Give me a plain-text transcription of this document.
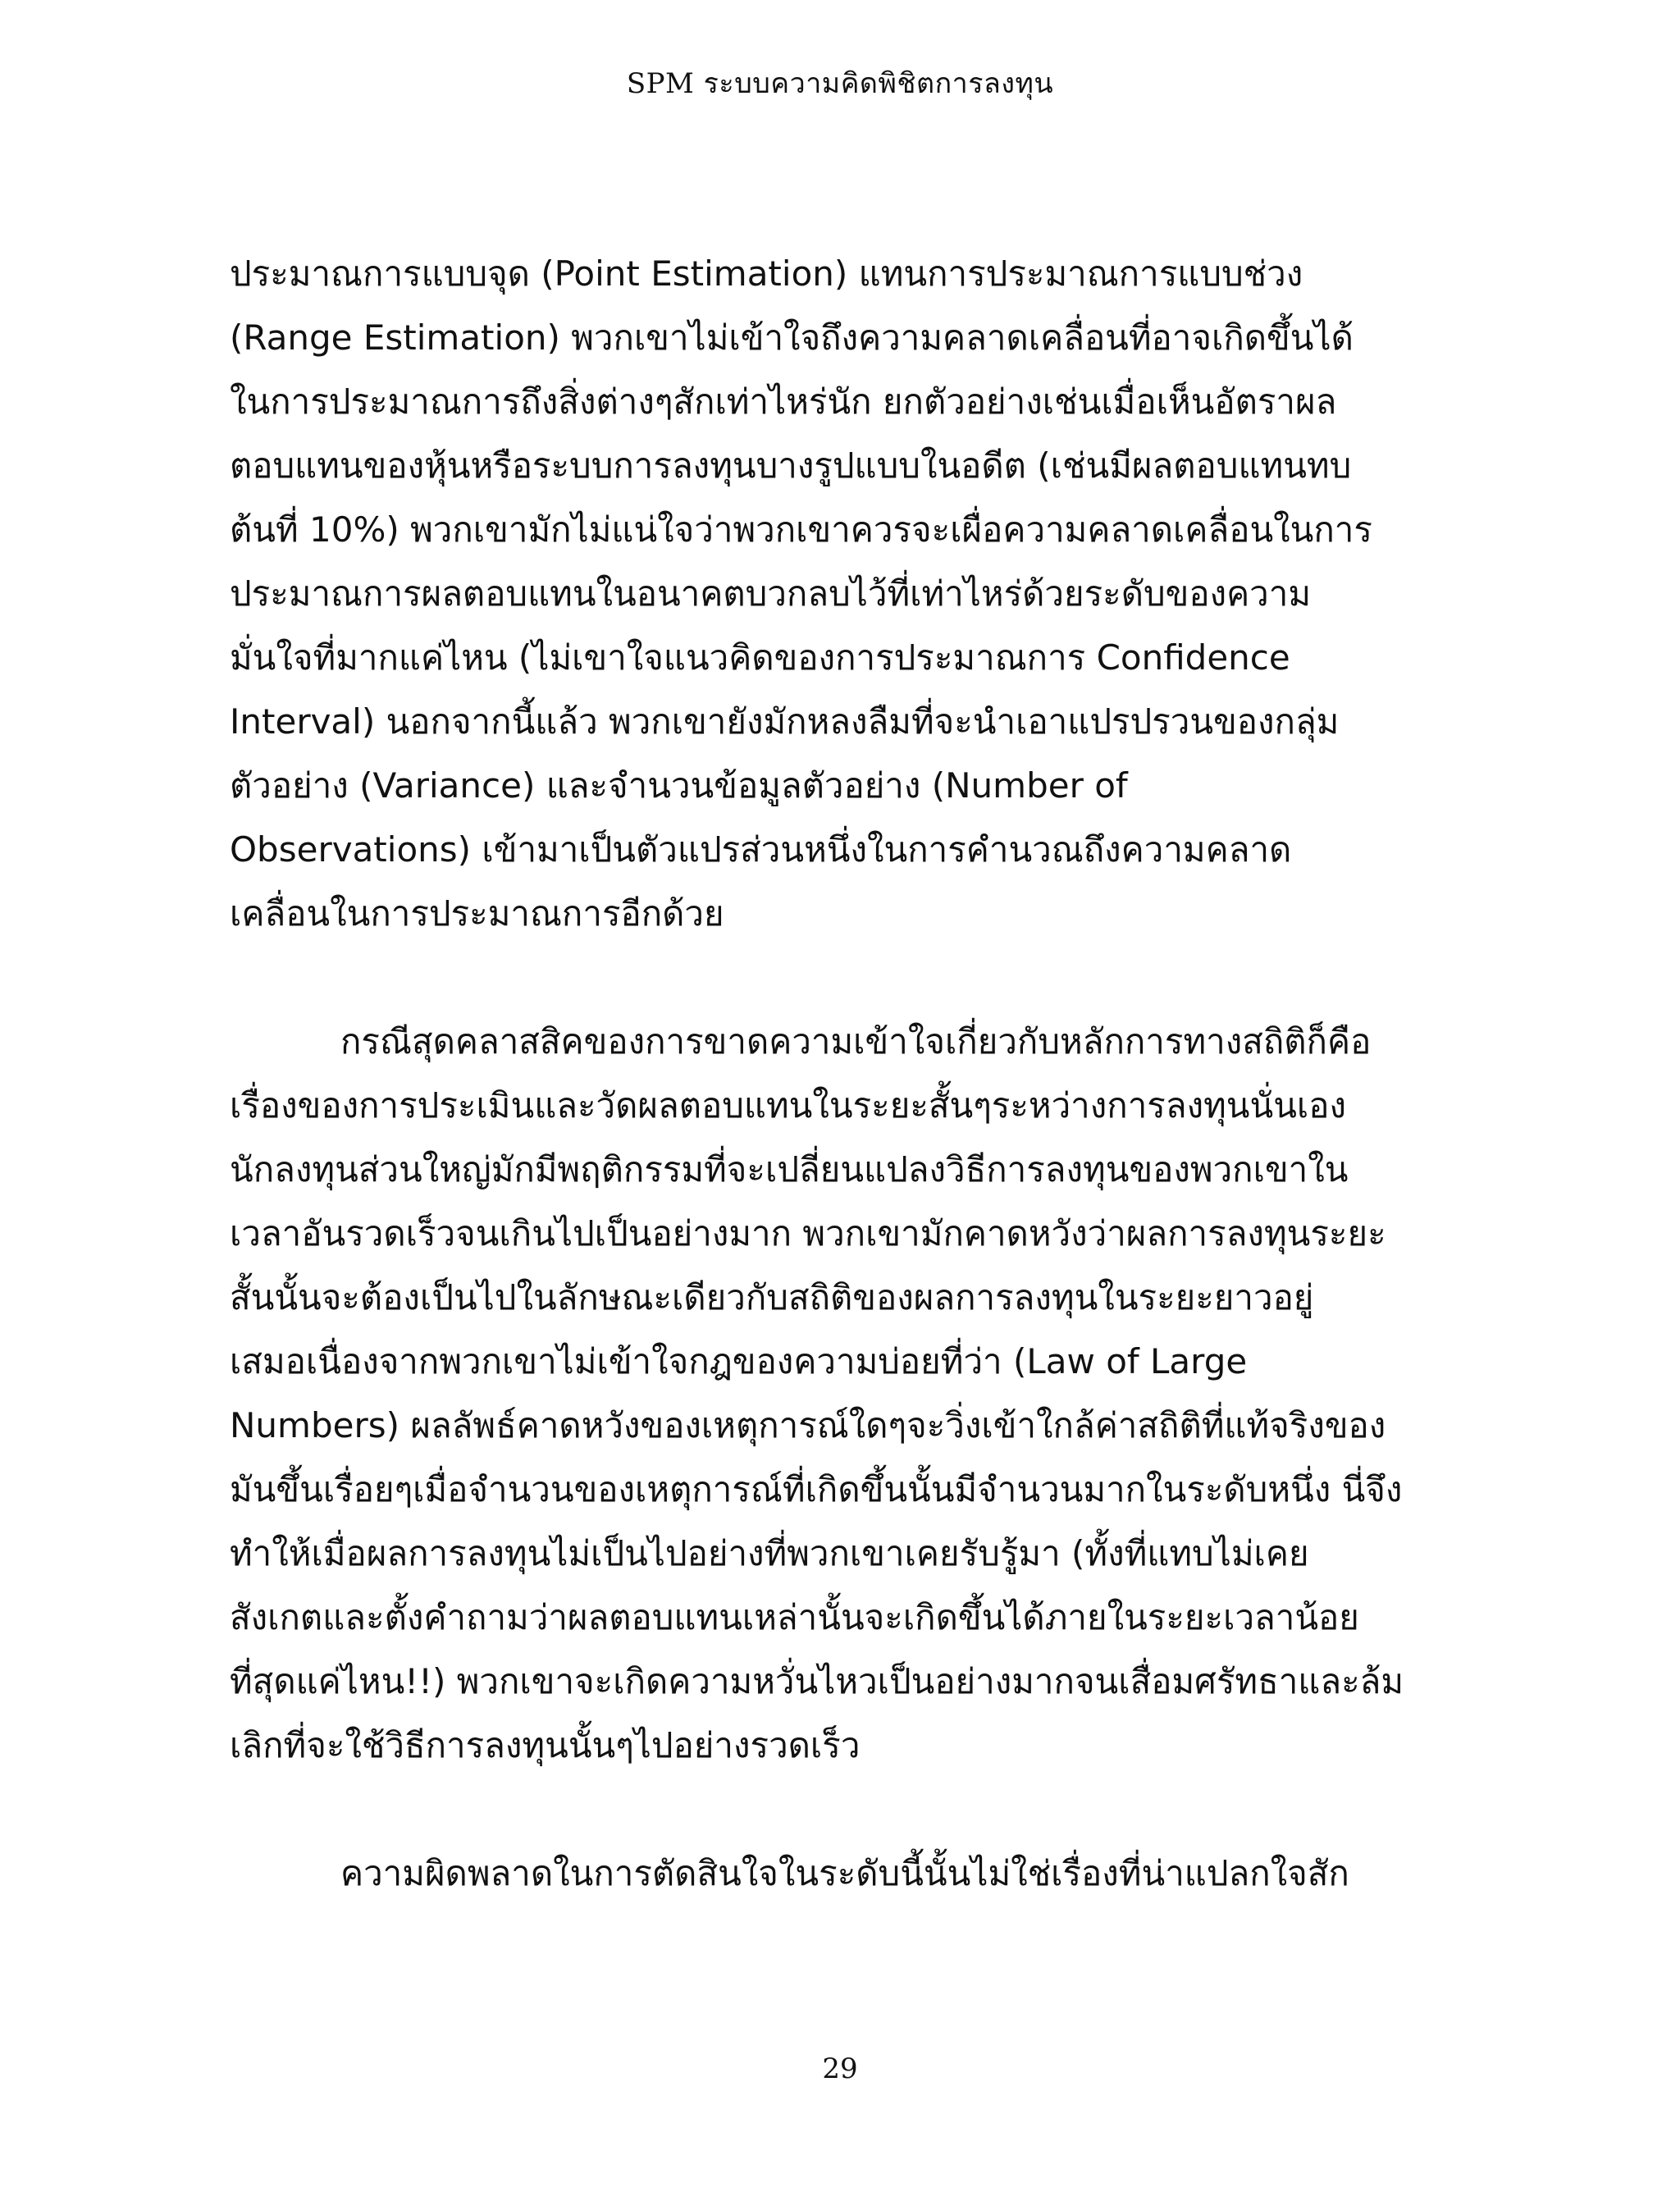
SPM ระบบความคิดพิชิตการลงทุน

ประมาณการแบบจุด (Point Estimation) แทนการประมาณการแบบช่วง
(Range Estimation) พวกเขาไม่เข้าใจถึงความคลาดเคลื่อนที่อาจเกิดขึ้นได้
ในการประมาณการถึงสิ่งต่างๆสักเท่าไหร่นัก ยกตัวอย่างเช่นเมื่อเห็นอัตราผล
ตอบแทนของหุ้นหรือระบบการลงทุนบางรูปแบบในอดีต (เช่นมีผลตอบแทนทบ
ต้นที่ 10%) พวกเขามักไม่แน่ใจว่าพวกเขาควรจะเผื่อความคลาดเคลื่อนในการ
ประมาณการผลตอบแทนในอนาคตบวกลบไว้ที่เท่าไหร่ด้วยระดับของความ
มั่นใจที่มากแค่ไหน (ไม่เขาใจแนวคิดของการประมาณการ Confidence
Interval) นอกจากนี้แล้ว พวกเขายังมักหลงลืมที่จะนำเอาแปรปรวนของกลุ่ม
ตัวอย่าง (Variance) และจำนวนข้อมูลตัวอย่าง (Number of
Observations) เข้ามาเป็นตัวแปรส่วนหนึ่งในการคำนวณถึงความคลาด
เคลื่อนในการประมาณการอีกด้วย

กรณีสุดคลาสสิคของการขาดความเข้าใจเกี่ยวกับหลักการทางสถิติก็คือ
เรื่องของการประเมินและวัดผลตอบแทนในระยะสั้นๆระหว่างการลงทุนนั่นเอง
นักลงทุนส่วนใหญ่มักมีพฤติกรรมที่จะเปลี่ยนแปลงวิธีการลงทุนของพวกเขาใน
เวลาอันรวดเร็วจนเกินไปเป็นอย่างมาก พวกเขามักคาดหวังว่าผลการลงทุนระยะ
สั้นนั้นจะต้องเป็นไปในลักษณะเดียวกับสถิติของผลการลงทุนในระยะยาวอยู่
เสมอเนื่องจากพวกเขาไม่เข้าใจกฎของความบ่อยที่ว่า (Law of Large
Numbers) ผลลัพธ์คาดหวังของเหตุการณ์ใดๆจะวิ่งเข้าใกล้ค่าสถิติที่แท้จริงของ
มันขึ้นเรื่อยๆเมื่อจำนวนของเหตุการณ์ที่เกิดขึ้นนั้นมีจำนวนมากในระดับหนึ่ง นี่จึง
ทำให้เมื่อผลการลงทุนไม่เป็นไปอย่างที่พวกเขาเคยรับรู้มา (ทั้งที่แทบไม่เคย
สังเกตและตั้งคำถามว่าผลตอบแทนเหล่านั้นจะเกิดขึ้นได้ภายในระยะเวลาน้อย
ที่สุดแค่ไหน!!) พวกเขาจะเกิดความหวั่นไหวเป็นอย่างมากจนเสื่อมศรัทธาและล้ม
เลิกที่จะใช้วิธีการลงทุนนั้นๆไปอย่างรวดเร็ว

ความผิดพลาดในการตัดสินใจในระดับนี้นั้นไม่ใช่เรื่องที่น่าแปลกใจสัก

29
